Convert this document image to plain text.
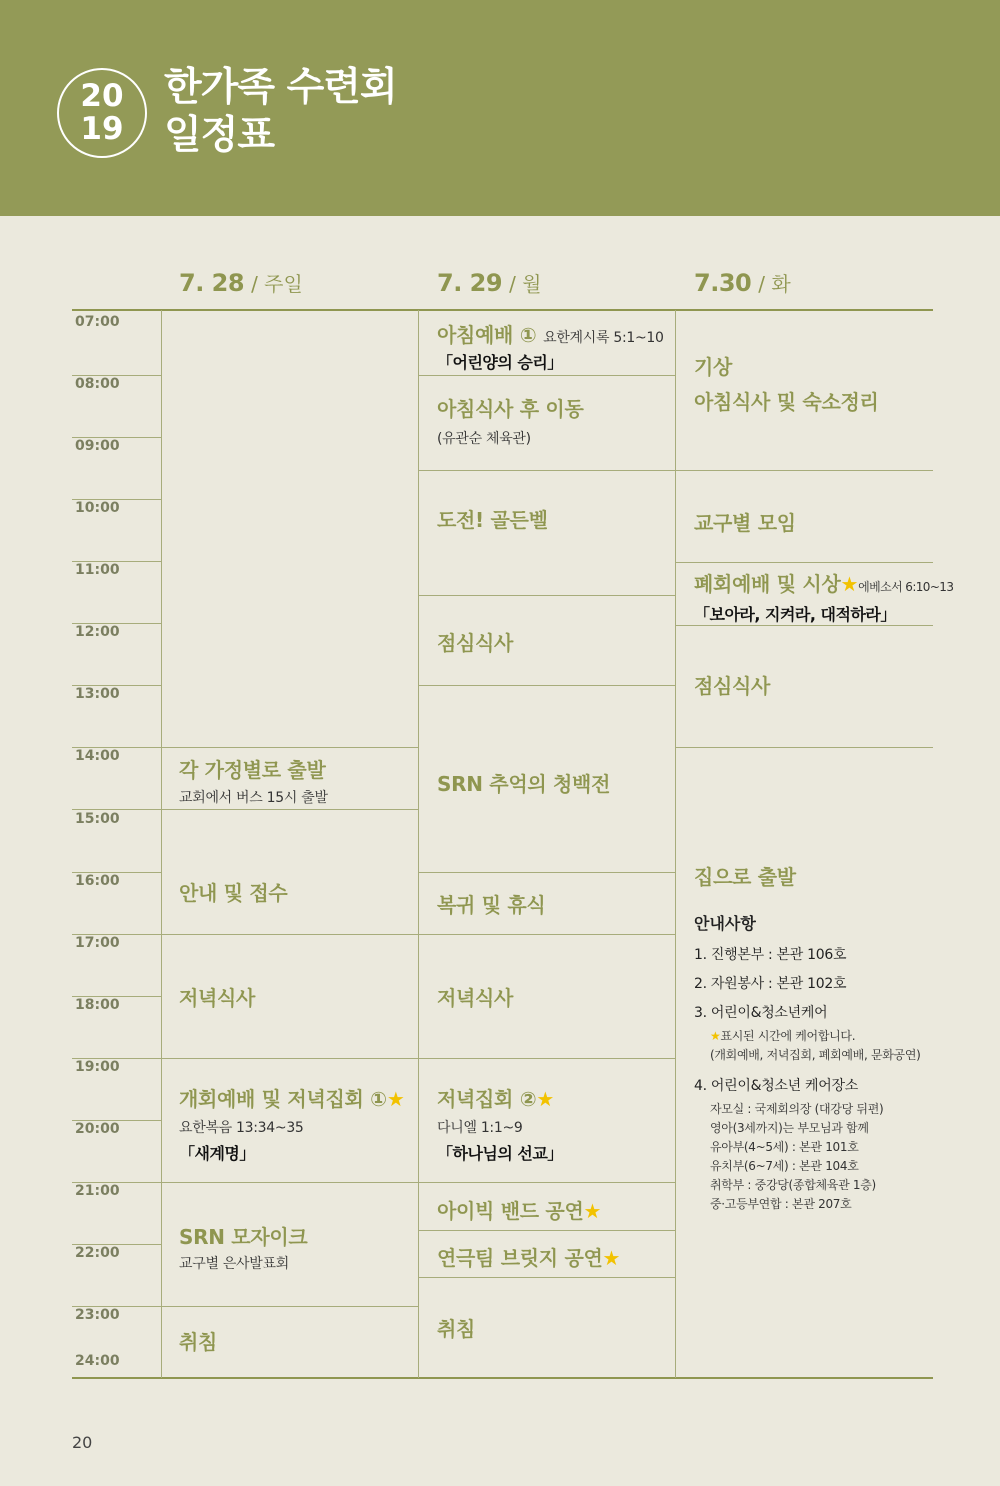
20
19
한가족 수련회
일정표
7. 28 / 주일	7. 29 / 월	7.30 / 화
07:00
08:00
09:00
10:00
11:00
12:00
13:00
14:00
15:00
16:00
17:00
18:00
19:00
20:00
21:00
22:00
23:00
24:00
각 가정별로 출발
교회에서 버스 15시 출발
안내 및 접수
저녁식사
개회예배 및 저녁집회 ①★
요한복음 13:34~35
「새계명」
SRN 모자이크
교구별 은사발표회
취침
아침예배 ① 요한계시록 5:1~10
「어린양의 승리」
아침식사 후 이동
(유관순 체육관)
도전! 골든벨
점심식사
SRN 추억의 청백전
복귀 및 휴식
저녁식사
저녁집회 ②★
다니엘 1:1~9
「하나님의 선교」
아이빅 밴드 공연★
연극팀 브릿지 공연★
취침
기상
아침식사 및 숙소정리
교구별 모임
폐회예배 및 시상★에베소서 6:10~13
「보아라, 지켜라, 대적하라」
점심식사
집으로 출발
안내사항
1. 진행본부 : 본관 106호
2. 자원봉사 : 본관 102호
3. 어린이&청소년케어
★표시된 시간에 케어합니다.
(개회예배, 저녁집회, 폐회예배, 문화공연)
4. 어린이&청소년 케어장소
자모실 : 국제회의장 (대강당 뒤편)
영아(3세까지)는 부모님과 함께
유아부(4~5세) : 본관 101호
유치부(6~7세) : 본관 104호
취학부 : 중강당(종합체육관 1층)
중·고등부연합 : 본관 207호
20
